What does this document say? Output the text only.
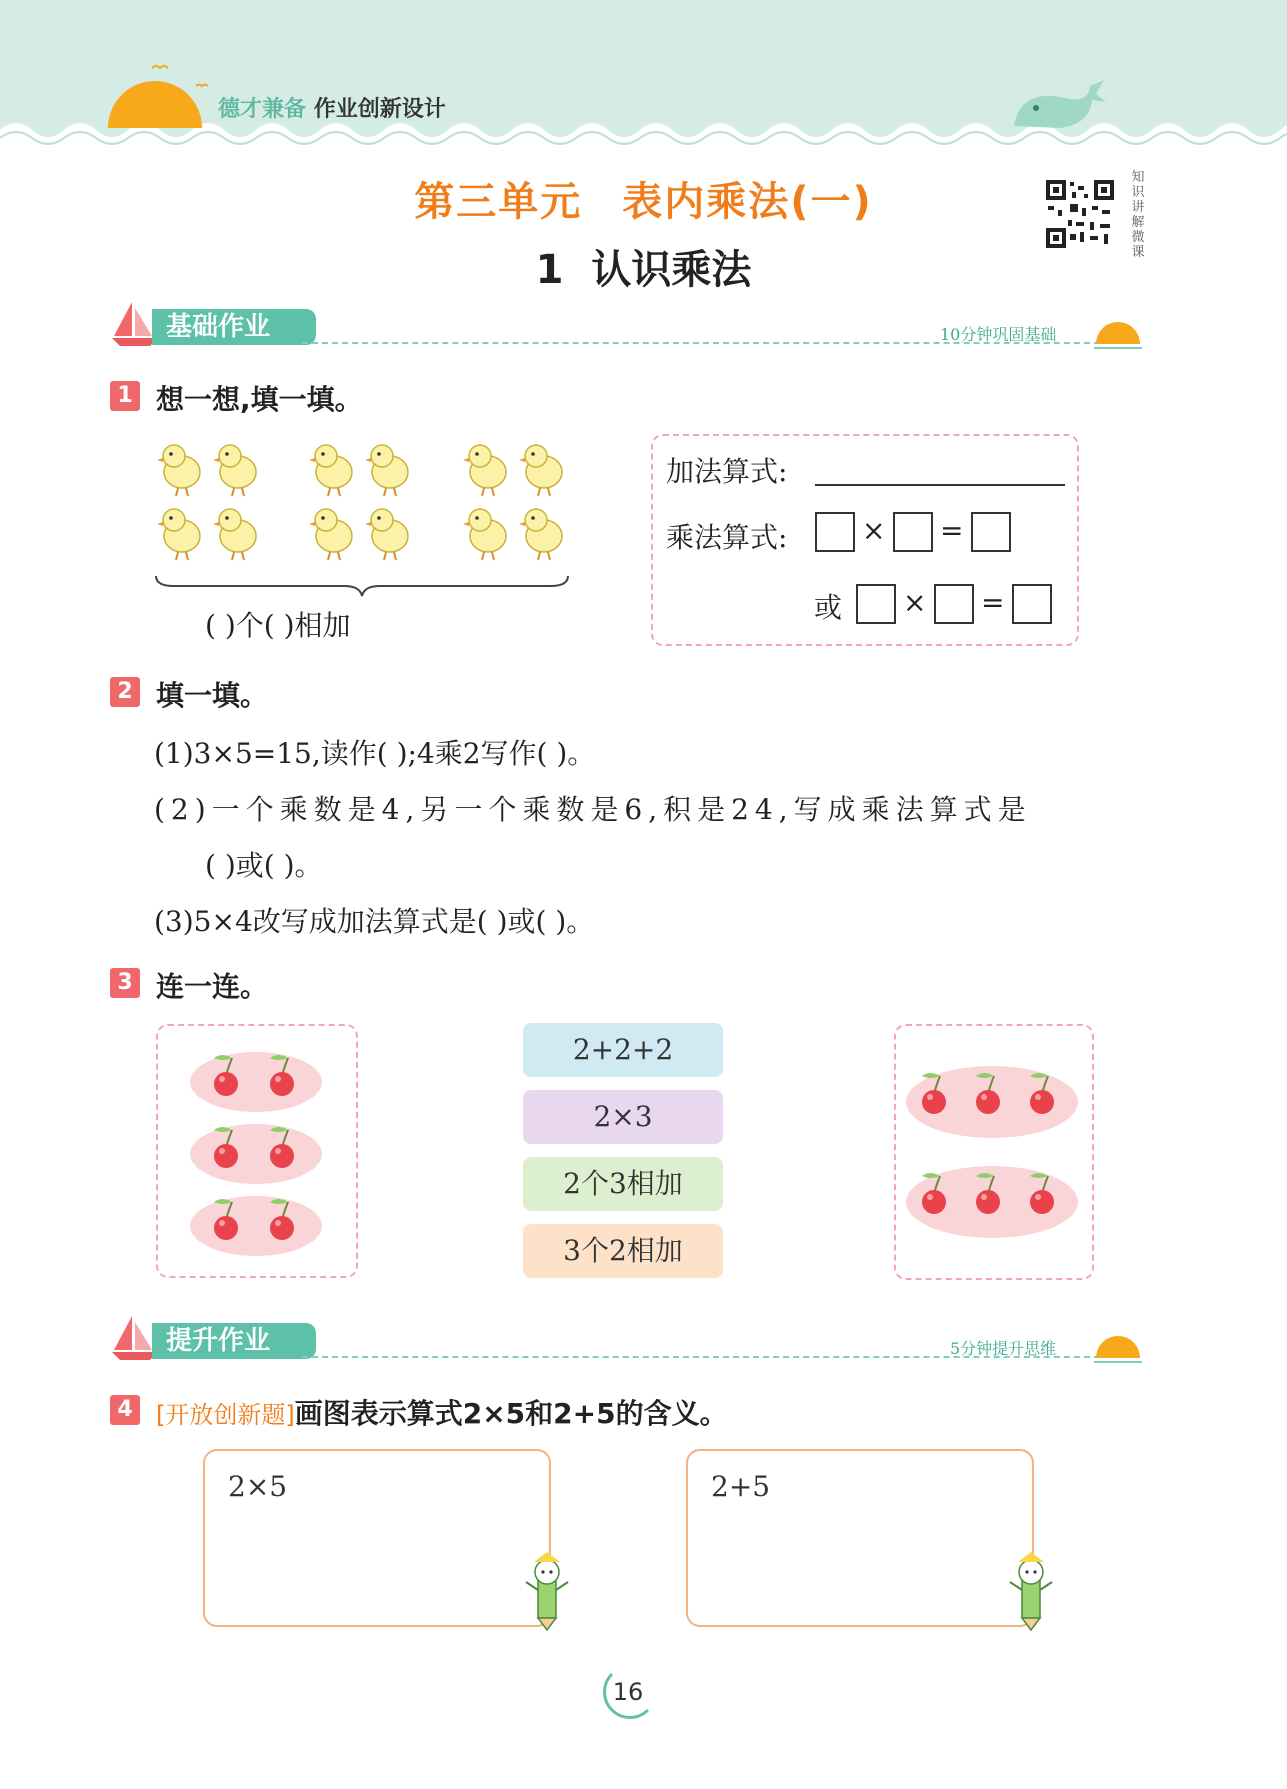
德才兼备 作业创新设计
第三单元 表内乘法(一)
1 认识乘法
知识讲解微课
基础作业	10分钟巩固基础
1 想一想,填一填。
( )个( )相加
加法算式:
乘法算式:	× =
或 × =
2 填一填。
(1)3×5=15,读作( );4乘2写作( )。
(2)一个乘数是4,另一个乘数是6,积是24,写成乘法算式是
( )或( )。
(3)5×4改写成加法算式是( )或( )。
3 连一连。
2+2+2
2×3
2个3相加
3个2相加
提升作业	5分钟提升思维
4 [开放创新题]画图表示算式2×5和2+5的含义。
2×5	2+5
16
